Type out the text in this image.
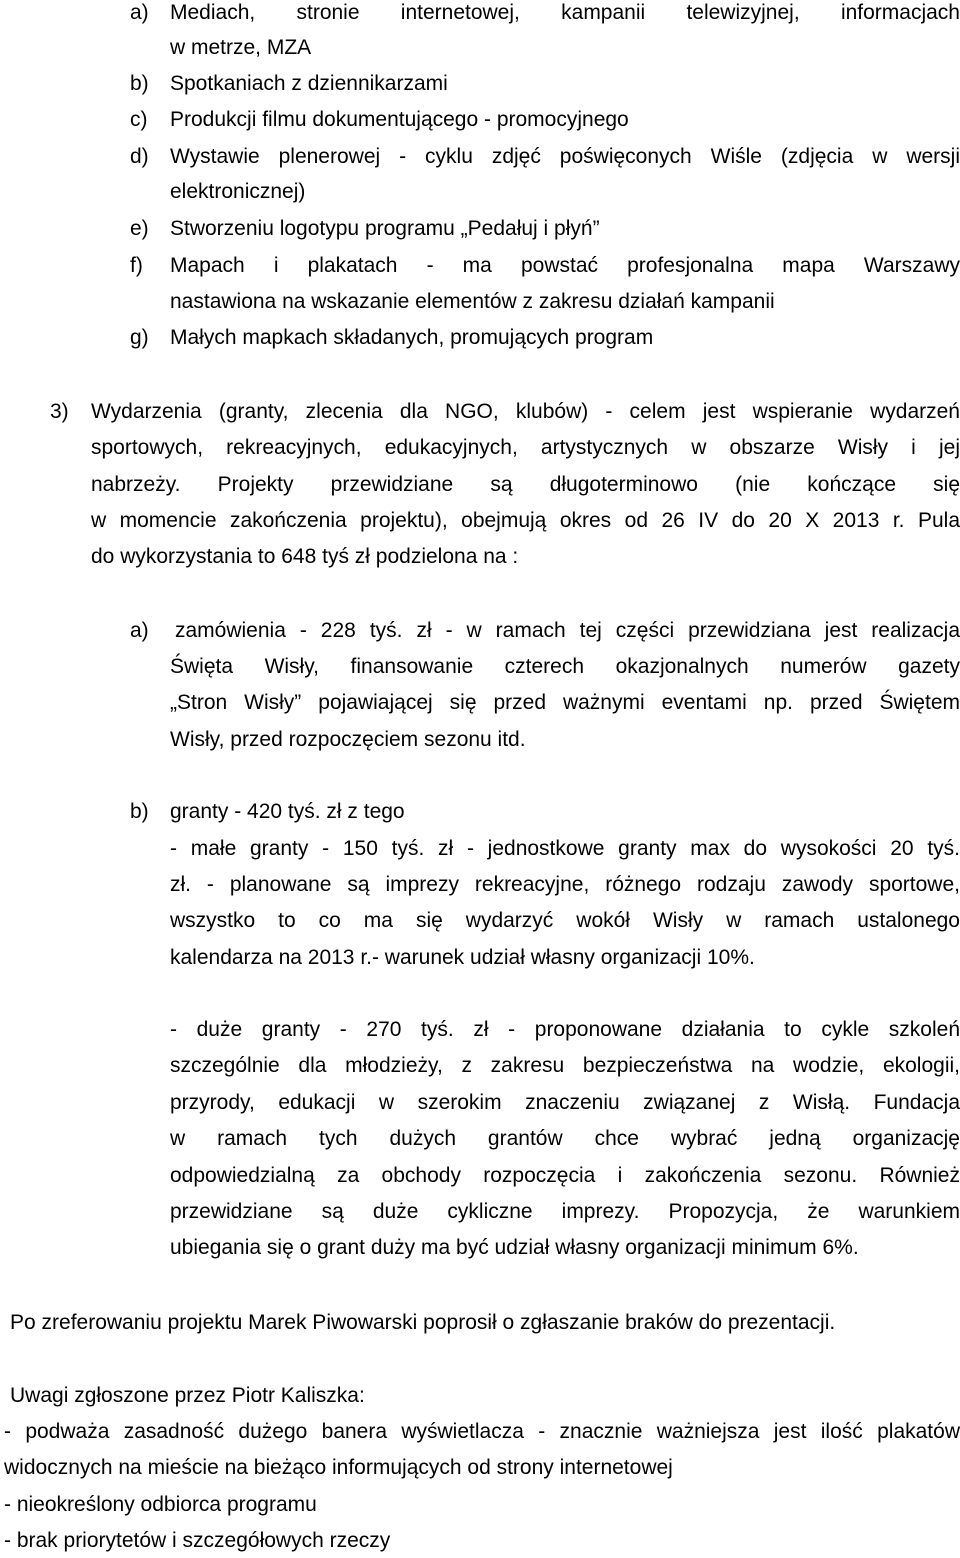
a) Mediach, stronie internetowej, kampanii telewizyjnej, informacjach
w metrze, MZA
b) Spotkaniach z dziennikarzami
c) Produkcji filmu dokumentującego - promocyjnego
d) Wystawie plenerowej - cyklu zdjęć poświęconych Wiśle (zdjęcia w wersji
elektronicznej)
e) Stworzeniu logotypu programu „Pedałuj i płyń”
f) Mapach i plakatach - ma powstać profesjonalna mapa Warszawy
nastawiona na wskazanie elementów z zakresu działań kampanii
g) Małych mapkach składanych, promujących program
3) Wydarzenia (granty, zlecenia dla NGO, klubów) - celem jest wspieranie wydarzeń
sportowych, rekreacyjnych, edukacyjnych, artystycznych w obszarze Wisły i jej
nabrzeży. Projekty przewidziane są długoterminowo (nie kończące się
w momencie zakończenia projektu), obejmują okres od 26 IV do 20 X 2013 r. Pula
do wykorzystania to 648 tyś zł podzielona na :
a) zamówienia - 228 tyś. zł - w ramach tej części przewidziana jest realizacja
Święta Wisły, finansowanie czterech okazjonalnych numerów gazety
„Stron Wisły” pojawiającej się przed ważnymi eventami np. przed Świętem
Wisły, przed rozpoczęciem sezonu itd.
b) granty - 420 tyś. zł z tego
- małe granty - 150 tyś. zł - jednostkowe granty max do wysokości 20 tyś.
zł. - planowane są imprezy rekreacyjne, różnego rodzaju zawody sportowe,
wszystko to co ma się wydarzyć wokół Wisły w ramach ustalonego
kalendarza na 2013 r.- warunek udział własny organizacji 10%.
- duże granty - 270 tyś. zł - proponowane działania to cykle szkoleń
szczególnie dla młodzieży, z zakresu bezpieczeństwa na wodzie, ekologii,
przyrody, edukacji w szerokim znaczeniu związanej z Wisłą. Fundacja
w ramach tych dużych grantów chce wybrać jedną organizację
odpowiedzialną za obchody rozpoczęcia i zakończenia sezonu. Również
przewidziane są duże cykliczne imprezy. Propozycja, że warunkiem
ubiegania się o grant duży ma być udział własny organizacji minimum 6%.
Po zreferowaniu projektu Marek Piwowarski poprosił o zgłaszanie braków do prezentacji.
Uwagi zgłoszone przez Piotr Kaliszka:
- podważa zasadność dużego banera wyświetlacza - znacznie ważniejsza jest ilość plakatów
widocznych na mieście na bieżąco informujących od strony internetowej
- nieokreślony odbiorca programu
- brak priorytetów i szczegółowych rzeczy
